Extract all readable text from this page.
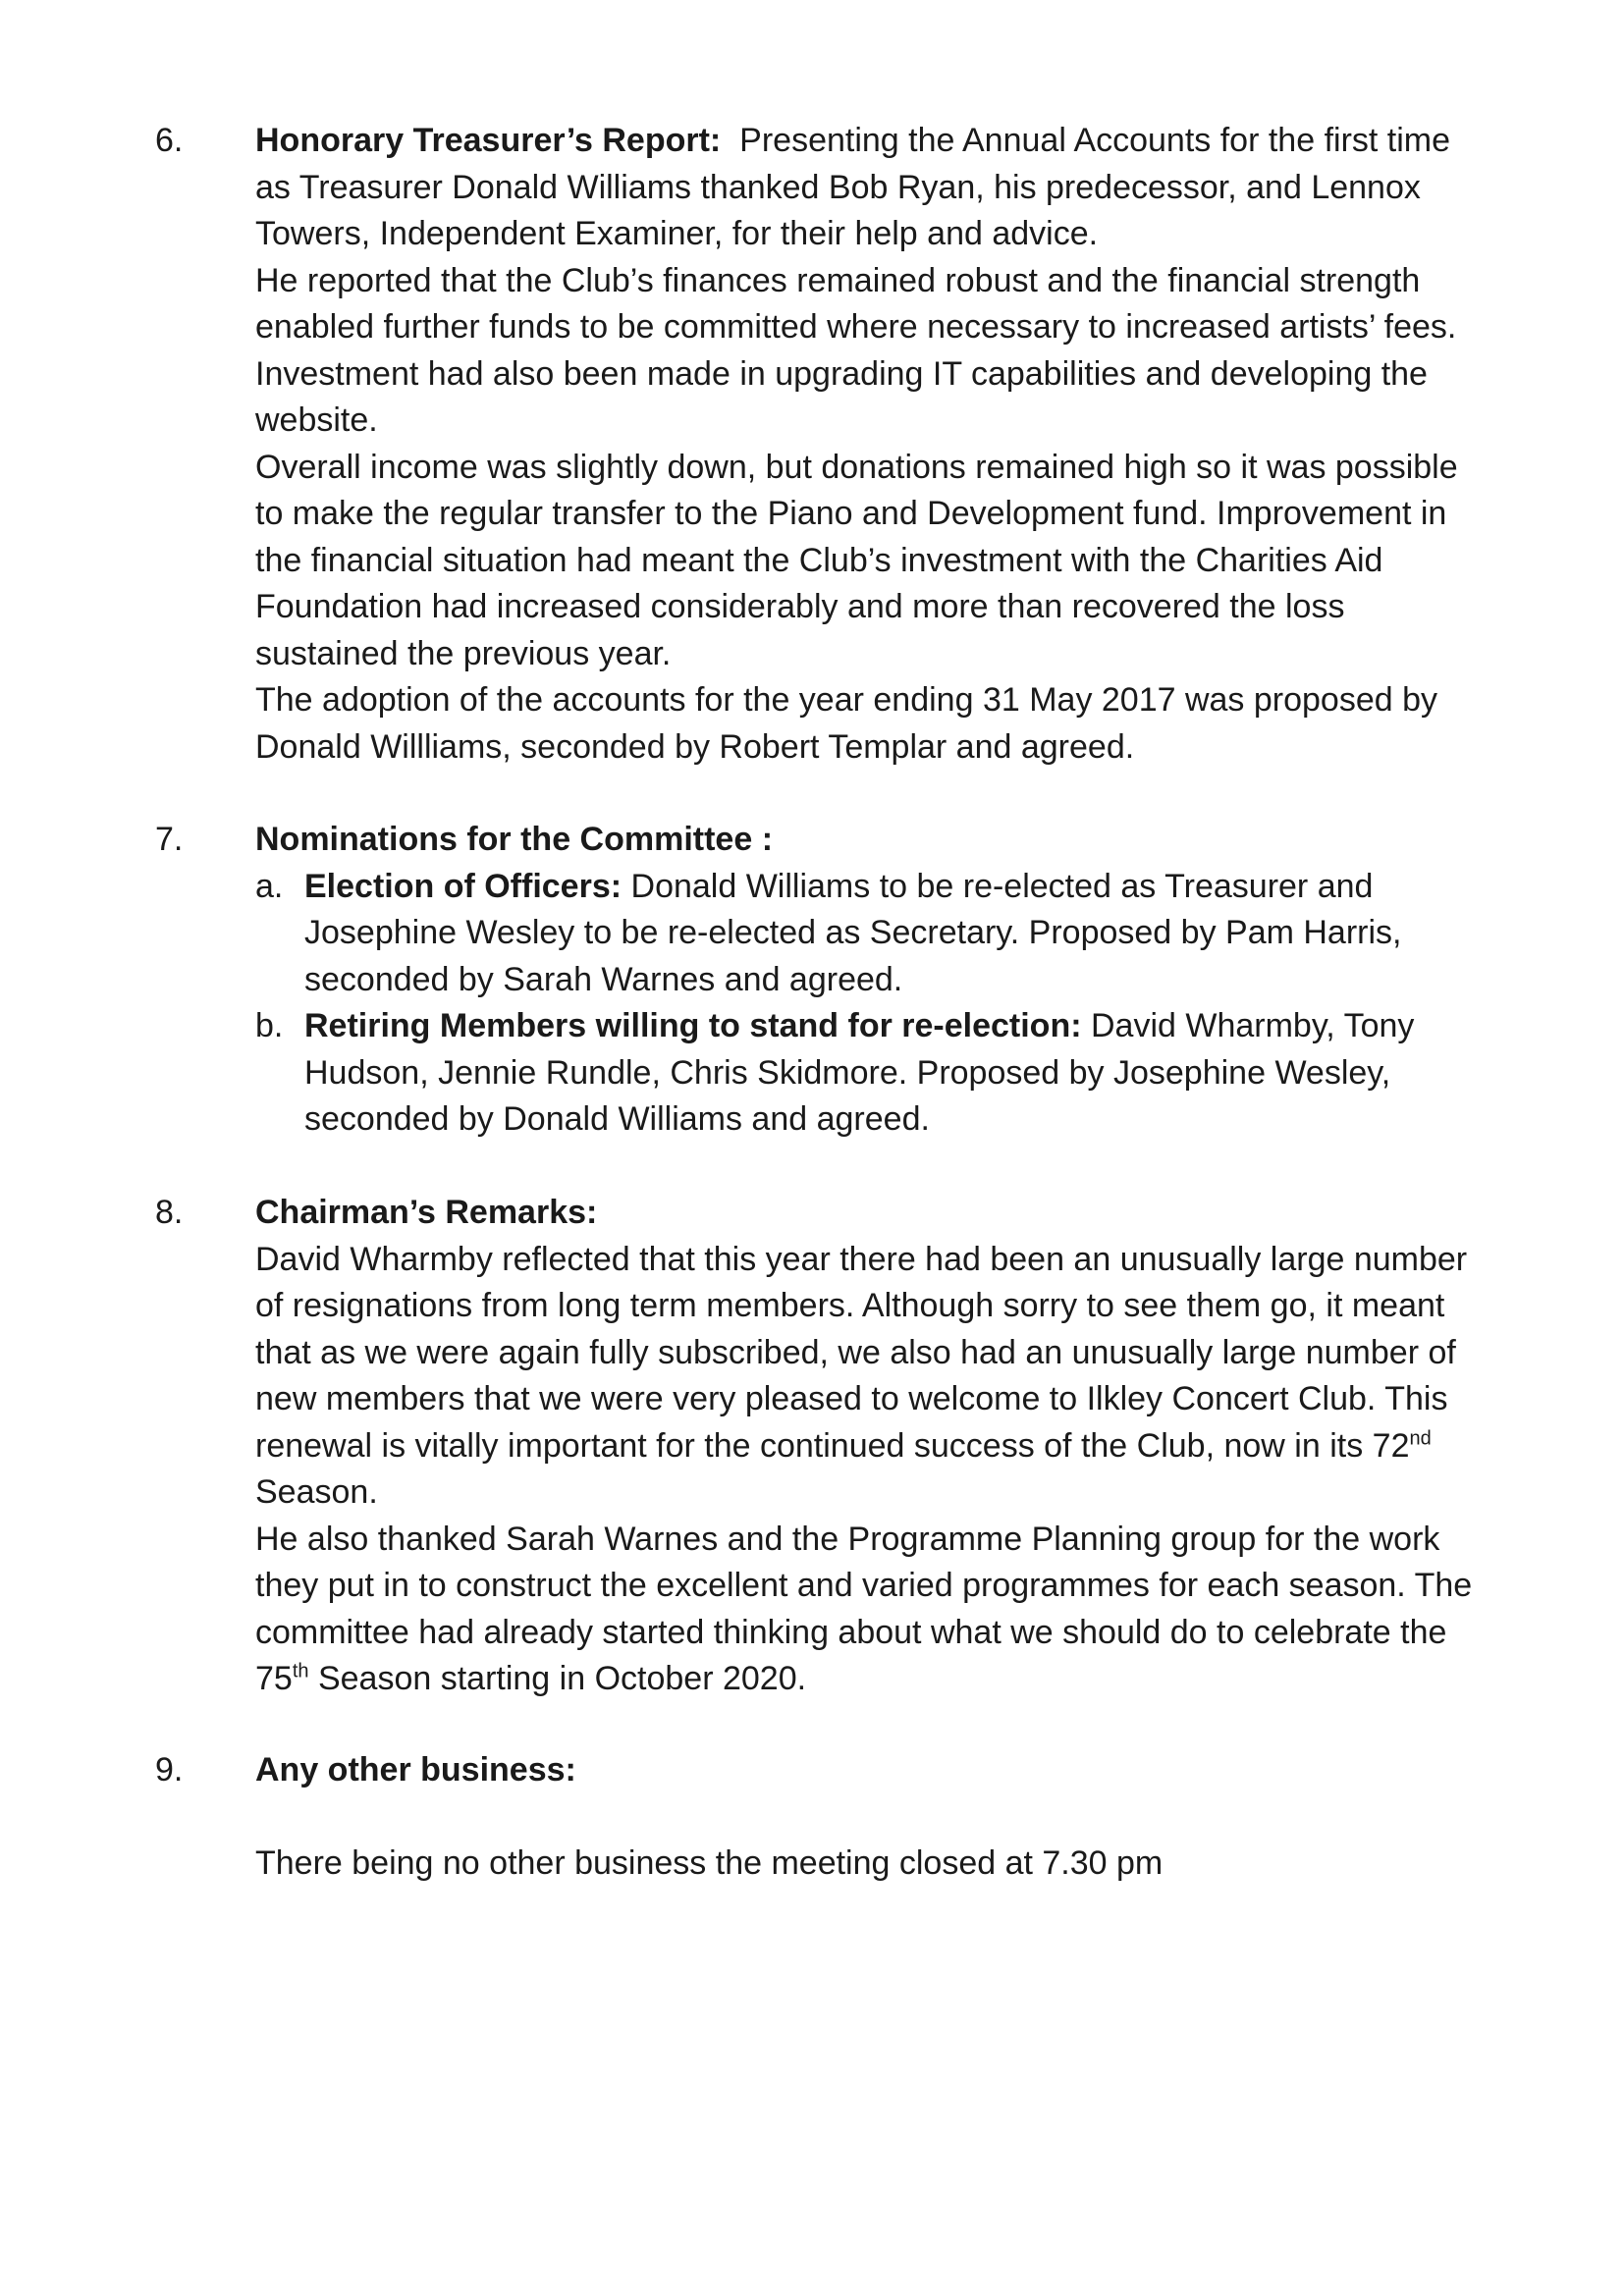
6.	Honorary Treasurer’s Report: Presenting the Annual Accounts for the first time as Treasurer Donald Williams thanked Bob Ryan, his predecessor, and Lennox Towers, Independent Examiner, for their help and advice.

He reported that the Club’s finances remained robust and the financial strength enabled further funds to be committed where necessary to increased artists’ fees. Investment had also been made in upgrading IT capabilities and developing the website.

Overall income was slightly down, but donations remained high so it was possible to make the regular transfer to the Piano and Development fund. Improvement in the financial situation had meant the Club’s investment with the Charities Aid Foundation had increased considerably and more than recovered the loss sustained the previous year.

The adoption of the accounts for the year ending 31 May 2017 was proposed by Donald Willliams, seconded by Robert Templar and agreed.

7.	Nominations for the Committee :

a. Election of Officers: Donald Williams to be re-elected as Treasurer and Josephine Wesley to be re-elected as Secretary. Proposed by Pam Harris, seconded by Sarah Warnes and agreed.

b. Retiring Members willing to stand for re-election: David Wharmby, Tony Hudson, Jennie Rundle, Chris Skidmore. Proposed by Josephine Wesley, seconded by Donald Williams and agreed.

8.	Chairman’s Remarks:

David Wharmby reflected that this year there had been an unusually large number of resignations from long term members. Although sorry to see them go, it meant that as we were again fully subscribed, we also had an unusually large number of new members that we were very pleased to welcome to Ilkley Concert Club. This renewal is vitally important for the continued success of the Club, now in its 72nd Season.

He also thanked Sarah Warnes and the Programme Planning group for the work they put in to construct the excellent and varied programmes for each season. The committee had already started thinking about what we should do to celebrate the 75th Season starting in October 2020.

9.	Any other business:

There being no other business the meeting closed at 7.30 pm
